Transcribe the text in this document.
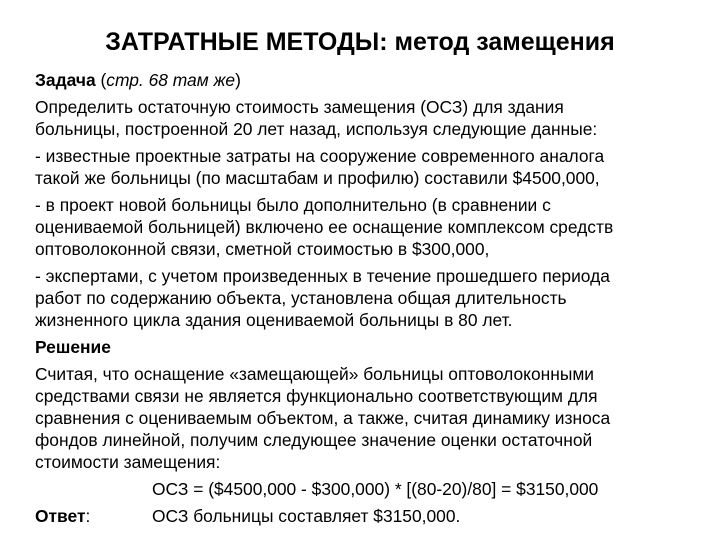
ЗАТРАТНЫЕ МЕТОДЫ: метод замещения
Задача (стр. 68 там же)
Определить остаточную стоимость замещения (ОСЗ) для здания
больницы, построенной 20 лет назад, используя следующие данные:
- известные проектные затраты на сооружение современного аналога
такой же больницы (по масштабам и профилю) составили $4500,000,
- в проект новой больницы было дополнительно (в сравнении с
оцениваемой больницей) включено ее оснащение комплексом средств
оптоволоконной связи, сметной стоимостью в $300,000,
- экспертами, с учетом произведенных в течение прошедшего периода
работ по содержанию объекта, установлена общая длительность
жизненного цикла здания оцениваемой больницы в 80 лет.
Решение
Считая, что оснащение «замещающей» больницы оптоволоконными
средствами связи не является функционально соответствующим для
сравнения с оцениваемым объектом, а также, считая динамику износа
фондов линейной, получим следующее значение оценки остаточной
стоимости замещения:
ОСЗ = ($4500,000 - $300,000) * [(80-20)/80] = $3150,000
Ответ:	ОСЗ больницы составляет $3150,000.
